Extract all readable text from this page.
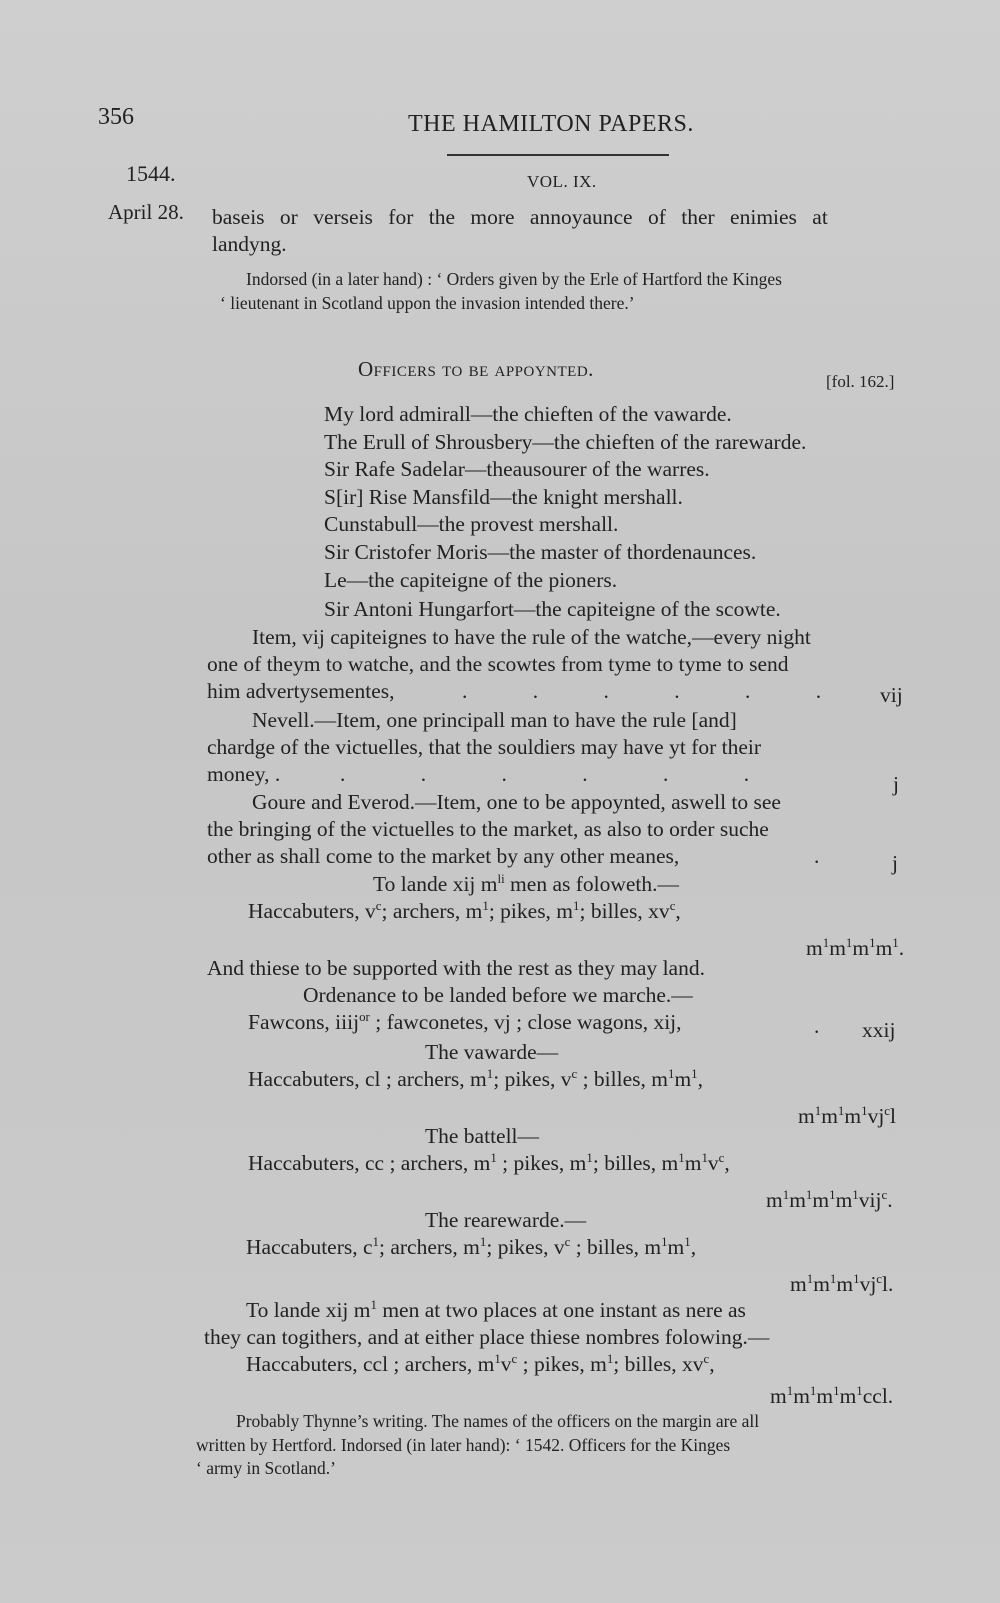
356	THE HAMILTON PAPERS.
1544.	VOL. IX.
April 28. baseis or verseis for the more annoyaunce of ther enimies at
landyng.
Indorsed (in a later hand) : ‘ Orders given by the Erle of Hartford the Kinges
‘ lieutenant in Scotland uppon the invasion intended there.’
Officers to be appoynted.
[fol. 162.]
My lord admirall—the chieften of the vawarde.
The Erull of Shrousbery—the chieften of the rarewarde.
Sir Rafe Sadelar—theausourer of the warres.
S[ir] Rise Mansfild—the knight mershall.
Cunstabull—the provest mershall.
Sir Cristofer Moris—the master of thordenaunces.
Le—the capiteigne of the pioners.
Sir Antoni Hungarfort—the capiteigne of the scowte.
Item, vij capiteignes to have the rule of the watche,—every night
one of theym to watche, and the scowtes from tyme to tyme to send
him advertysementes,	.	.	.	.	.	.	vij
Nevell.—Item, one principall man to have the rule [and]
chardge of the victuelles, that the souldiers may have yt for their
money, .	.	.	.	.	.	.	j
Goure and Everod.—Item, one to be appoynted, aswell to see
the bringing of the victuelles to the market, as also to order suche
other as shall come to the market by any other meanes,	.	j
To lande xij $m^{li}$ men as foloweth.—
Haccabuters, $v^c$; archers, $m^1$; pikes, $m^1$; billes, $xv^c$,
$m^1m^1m^1m^1$.
And thiese to be supported with the rest as they may land.
Ordenance to be landed before we marche.—
Fawcons, iiij$^{or}$ ; fawconetes, vj ; close wagons, xij,	. xxij
The vawarde—
Haccabuters, cl ; archers, $m^1$; pikes, $v^c$ ; billes, $m^1m^1$,
$m^1m^1m^1vj^cl$
The battell—
Haccabuters, cc ; archers, $m^1$ ; pikes, $m^1$; billes, $m^1m^1v^c$,
$m^1m^1m^1m^1vij^c$.
The rearewarde.—
Haccabuters, $c^1$; archers, $m^1$; pikes, $v^c$ ; billes, $m^1m^1$,
$m^1m^1m^1vj^cl$.
To lande xij $m^1$ men at two places at one instant as nere as
they can togithers, and at either place thiese nombres folowing.—
Haccabuters, ccl ; archers, $m^1v^c$ ; pikes, $m^1$; billes, $xv^c$,
$m^1m^1m^1m^1ccl$.
Probably Thynne’s writing. The names of the officers on the margin are all
written by Hertford. Indorsed (in later hand): ‘ 1542. Officers for the Kinges
‘ army in Scotland.’
